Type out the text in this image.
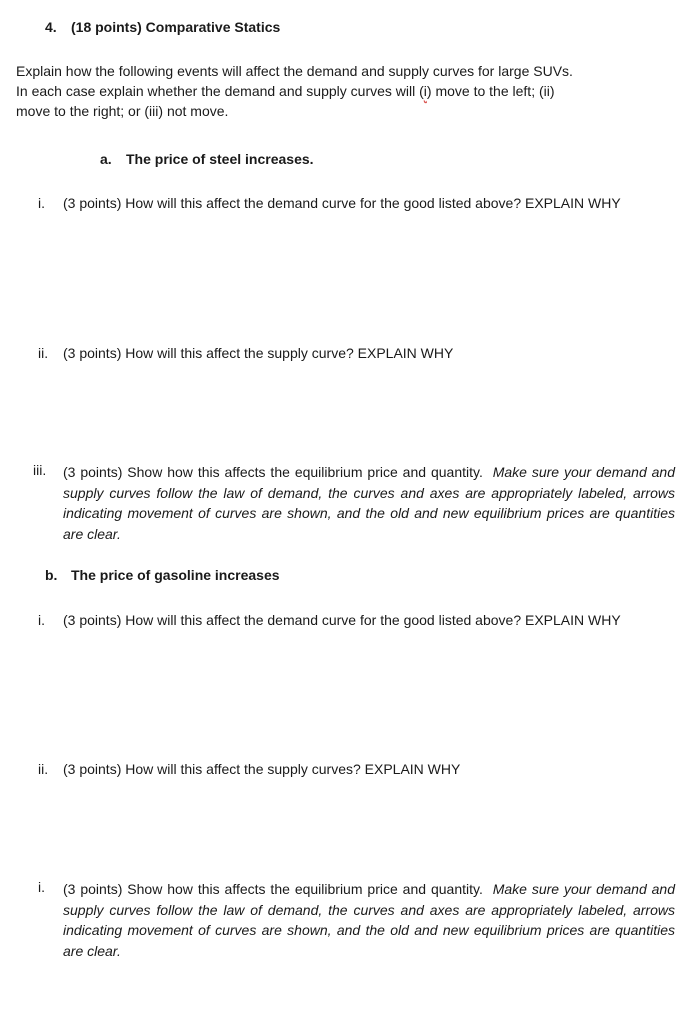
4. (18 points) Comparative Statics
Explain how the following events will affect the demand and supply curves for large SUVs.
In each case explain whether the demand and supply curves will (i) move to the left; (ii)
move to the right; or (iii) not move.
a. The price of steel increases.
i. (3 points) How will this affect the demand curve for the good listed above? EXPLAIN WHY
ii. (3 points) How will this affect the supply curve? EXPLAIN WHY
iii. (3 points) Show how this affects the equilibrium price and quantity. Make sure your demand and supply curves follow the law of demand, the curves and axes are appropriately labeled, arrows indicating movement of curves are shown, and the old and new equilibrium prices are quantities are clear.
b. The price of gasoline increases
i. (3 points) How will this affect the demand curve for the good listed above? EXPLAIN WHY
ii. (3 points) How will this affect the supply curves? EXPLAIN WHY
i. (3 points) Show how this affects the equilibrium price and quantity. Make sure your demand and supply curves follow the law of demand, the curves and axes are appropriately labeled, arrows indicating movement of curves are shown, and the old and new equilibrium prices are quantities are clear.
